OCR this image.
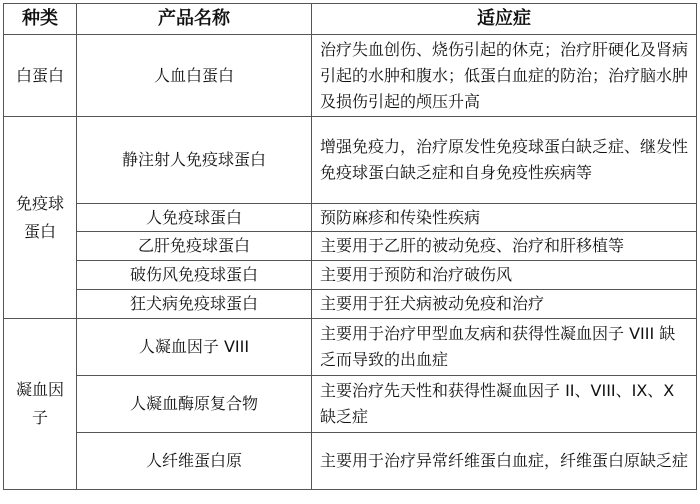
种类	产品名称	适应症
白蛋白	人血白蛋白	治疗失血创伤、烧伤引起的休克；治疗肝硬化及肾病引起的水肿和腹水；低蛋白血症的防治；治疗脑水肿及损伤引起的颅压升高
免疫球蛋白	静注射人免疫球蛋白	增强免疫力，治疗原发性免疫球蛋白缺乏症、继发性免疫球蛋白缺乏症和自身免疫性疾病等
	人免疫球蛋白	预防麻疹和传染性疾病
	乙肝免疫球蛋白	主要用于乙肝的被动免疫、治疗和肝移植等
	破伤风免疫球蛋白	主要用于预防和治疗破伤风
	狂犬病免疫球蛋白	主要用于狂犬病被动免疫和治疗
凝血因子	人凝血因子 VIII	主要用于治疗甲型血友病和获得性凝血因子 VIII 缺乏而导致的出血症
	人凝血酶原复合物	主要治疗先天性和获得性凝血因子 II、VIII、IX、X 缺乏症
	人纤维蛋白原	主要用于治疗异常纤维蛋白血症，纤维蛋白原缺乏症
